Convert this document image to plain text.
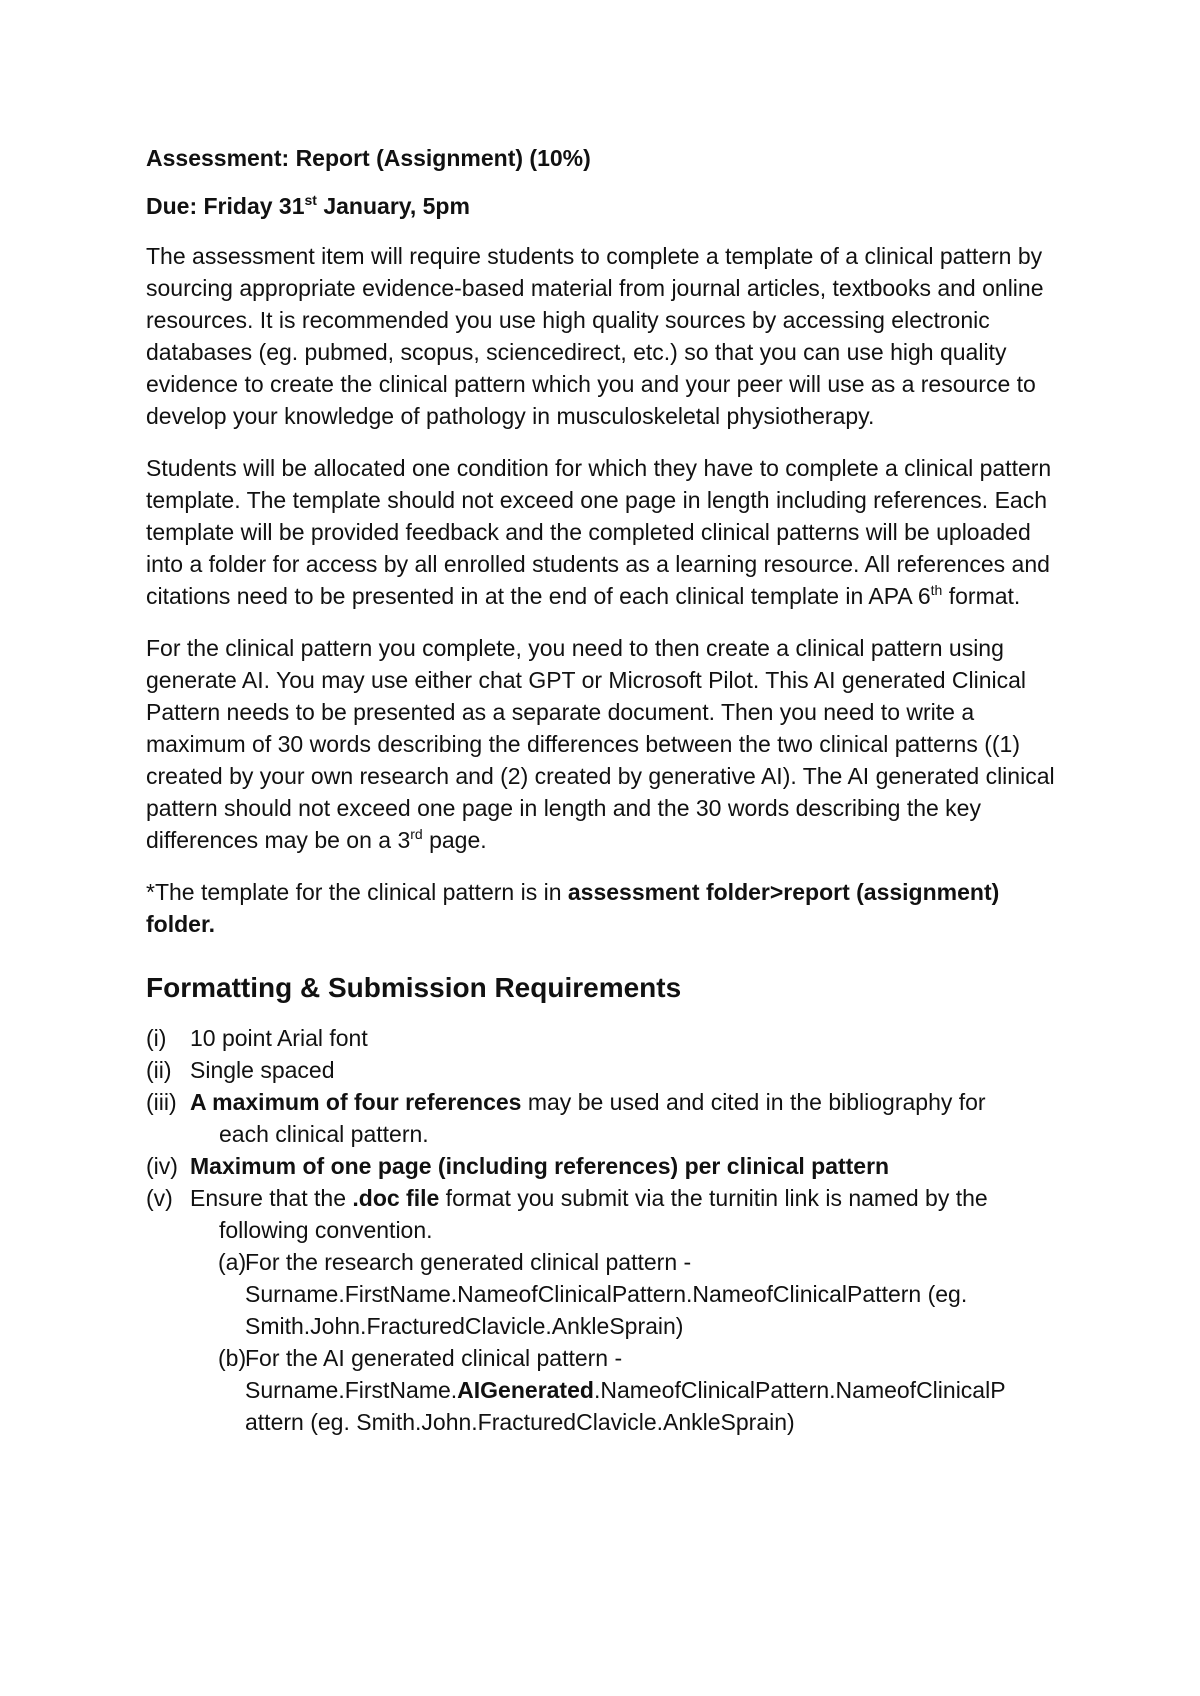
Assessment: Report (Assignment) (10%)

Due: Friday 31st January, 5pm

The assessment item will require students to complete a template of a clinical pattern by sourcing appropriate evidence-based material from journal articles, textbooks and online resources. It is recommended you use high quality sources by accessing electronic databases (eg. pubmed, scopus, sciencedirect, etc.) so that you can use high quality evidence to create the clinical pattern which you and your peer will use as a resource to develop your knowledge of pathology in musculoskeletal physiotherapy.

Students will be allocated one condition for which they have to complete a clinical pattern template. The template should not exceed one page in length including references. Each template will be provided feedback and the completed clinical patterns will be uploaded into a folder for access by all enrolled students as a learning resource. All references and citations need to be presented in at the end of each clinical template in APA 6th format.

For the clinical pattern you complete, you need to then create a clinical pattern using generate AI. You may use either chat GPT or Microsoft Pilot. This AI generated Clinical Pattern needs to be presented as a separate document. Then you need to write a maximum of 30 words describing the differences between the two clinical patterns ((1) created by your own research and (2) created by generative AI). The AI generated clinical pattern should not exceed one page in length and the 30 words describing the key differences may be on a 3rd page.

*The template for the clinical pattern is in assessment folder>report (assignment) folder.

Formatting & Submission Requirements
(i) 10 point Arial font
(ii) Single spaced
(iii) A maximum of four references may be used and cited in the bibliography for
each clinical pattern.
(iv) Maximum of one page (including references) per clinical pattern
(v) Ensure that the .doc file format you submit via the turnitin link is named by the
following convention.
(a)
For the research generated clinical pattern -
Surname.FirstName.NameofClinicalPattern.NameofClinicalPattern (eg.
Smith.John.FracturedClavicle.AnkleSprain)
(b)
For the AI generated clinical pattern -
Surname.FirstName.AIGenerated.NameofClinicalPattern.NameofClinicalP
attern (eg. Smith.John.FracturedClavicle.AnkleSprain)
